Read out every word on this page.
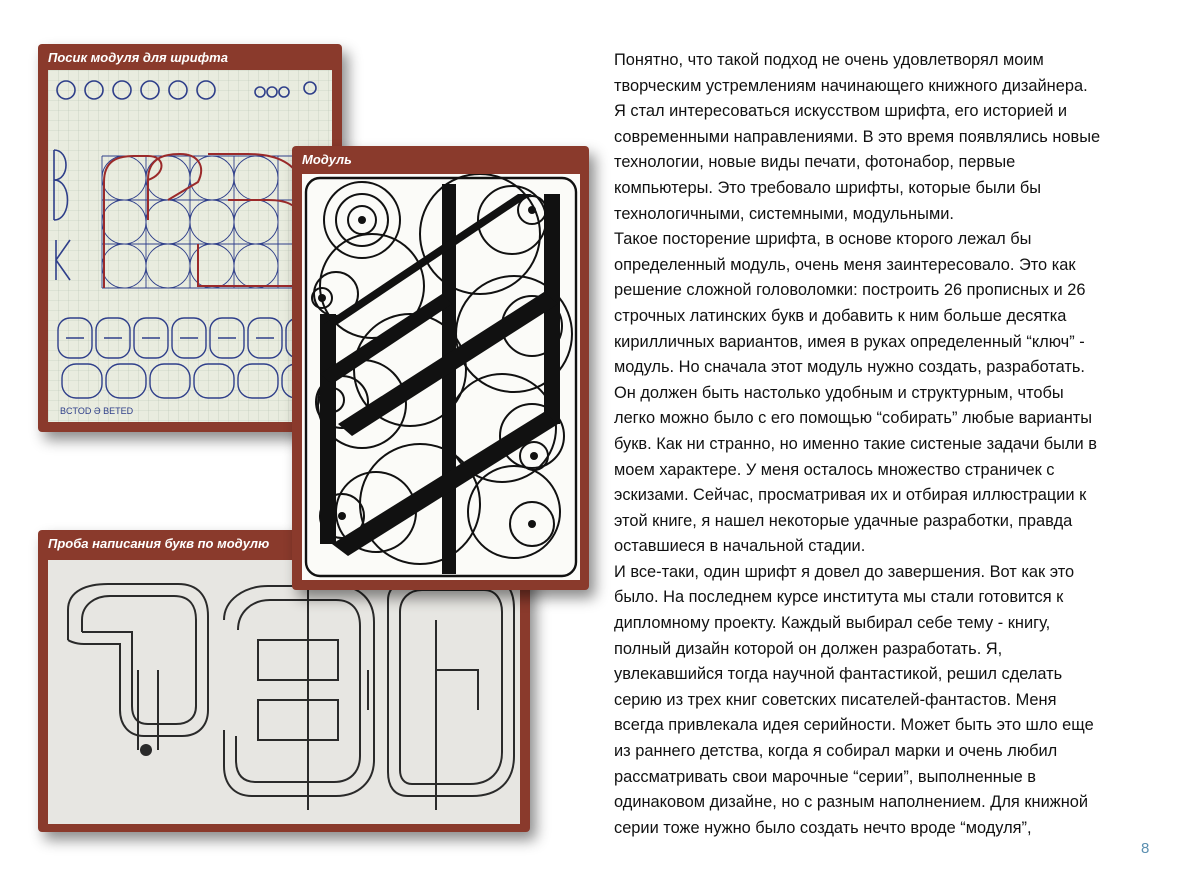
Посик модуля для шрифта
BCTOD Ə BETED
Модуль
Проба написания букв по модулю
Понятно, что такой подход не очень удовлетворял моим
творческим устремлениям начинающего книжного дизайнера.
Я стал интересоваться искусством шрифта, его историей и
современными направлениями. В это время появлялись новые
технологии, новые виды печати, фотонабор, первые
компьютеры. Это требовало шрифты, которые были бы
технологичными, системными, модульными.
Такое посторение шрифта, в основе кторого лежал бы
определенный модуль, очень меня заинтересовало. Это как
решение сложной головоломки: построить 26 прописных и 26
строчных латинских букв и добавить к ним больше десятка
кирилличных вариантов, имея в руках определенный “ключ” -
модуль. Но сначала этот модуль нужно создать, разработать.
Он должен быть настолько удобным и структурным, чтобы
легко можно было с его помощью “собирать” любые варианты
букв. Как ни странно, но именно такие систеные задачи были в
моем характере. У меня осталось множество страничек с
эскизами. Сейчас, просматривая их и отбирая иллюстрации к
этой книге, я нашел некоторые удачные разработки, правда
оставшиеся в начальной стадии.
И все-таки, один шрифт я довел до завершения. Вот как это
было. На последнем курсе института мы стали готовится к
дипломному проекту. Каждый выбирал себе тему - книгу,
полный дизайн которой он должен разработать. Я,
увлекавшийся тогда научной фантастикой, решил сделать
серию из трех книг советских писателей-фантастов. Меня
всегда привлекала идея серийности. Может быть это шло еще
из раннего детства, когда я собирал марки и очень любил
рассматривать свои марочные “серии”, выполненные в
одинаковом дизайне, но с разным наполнением. Для книжной
серии тоже нужно было создать нечто вроде “модуля”,
8
